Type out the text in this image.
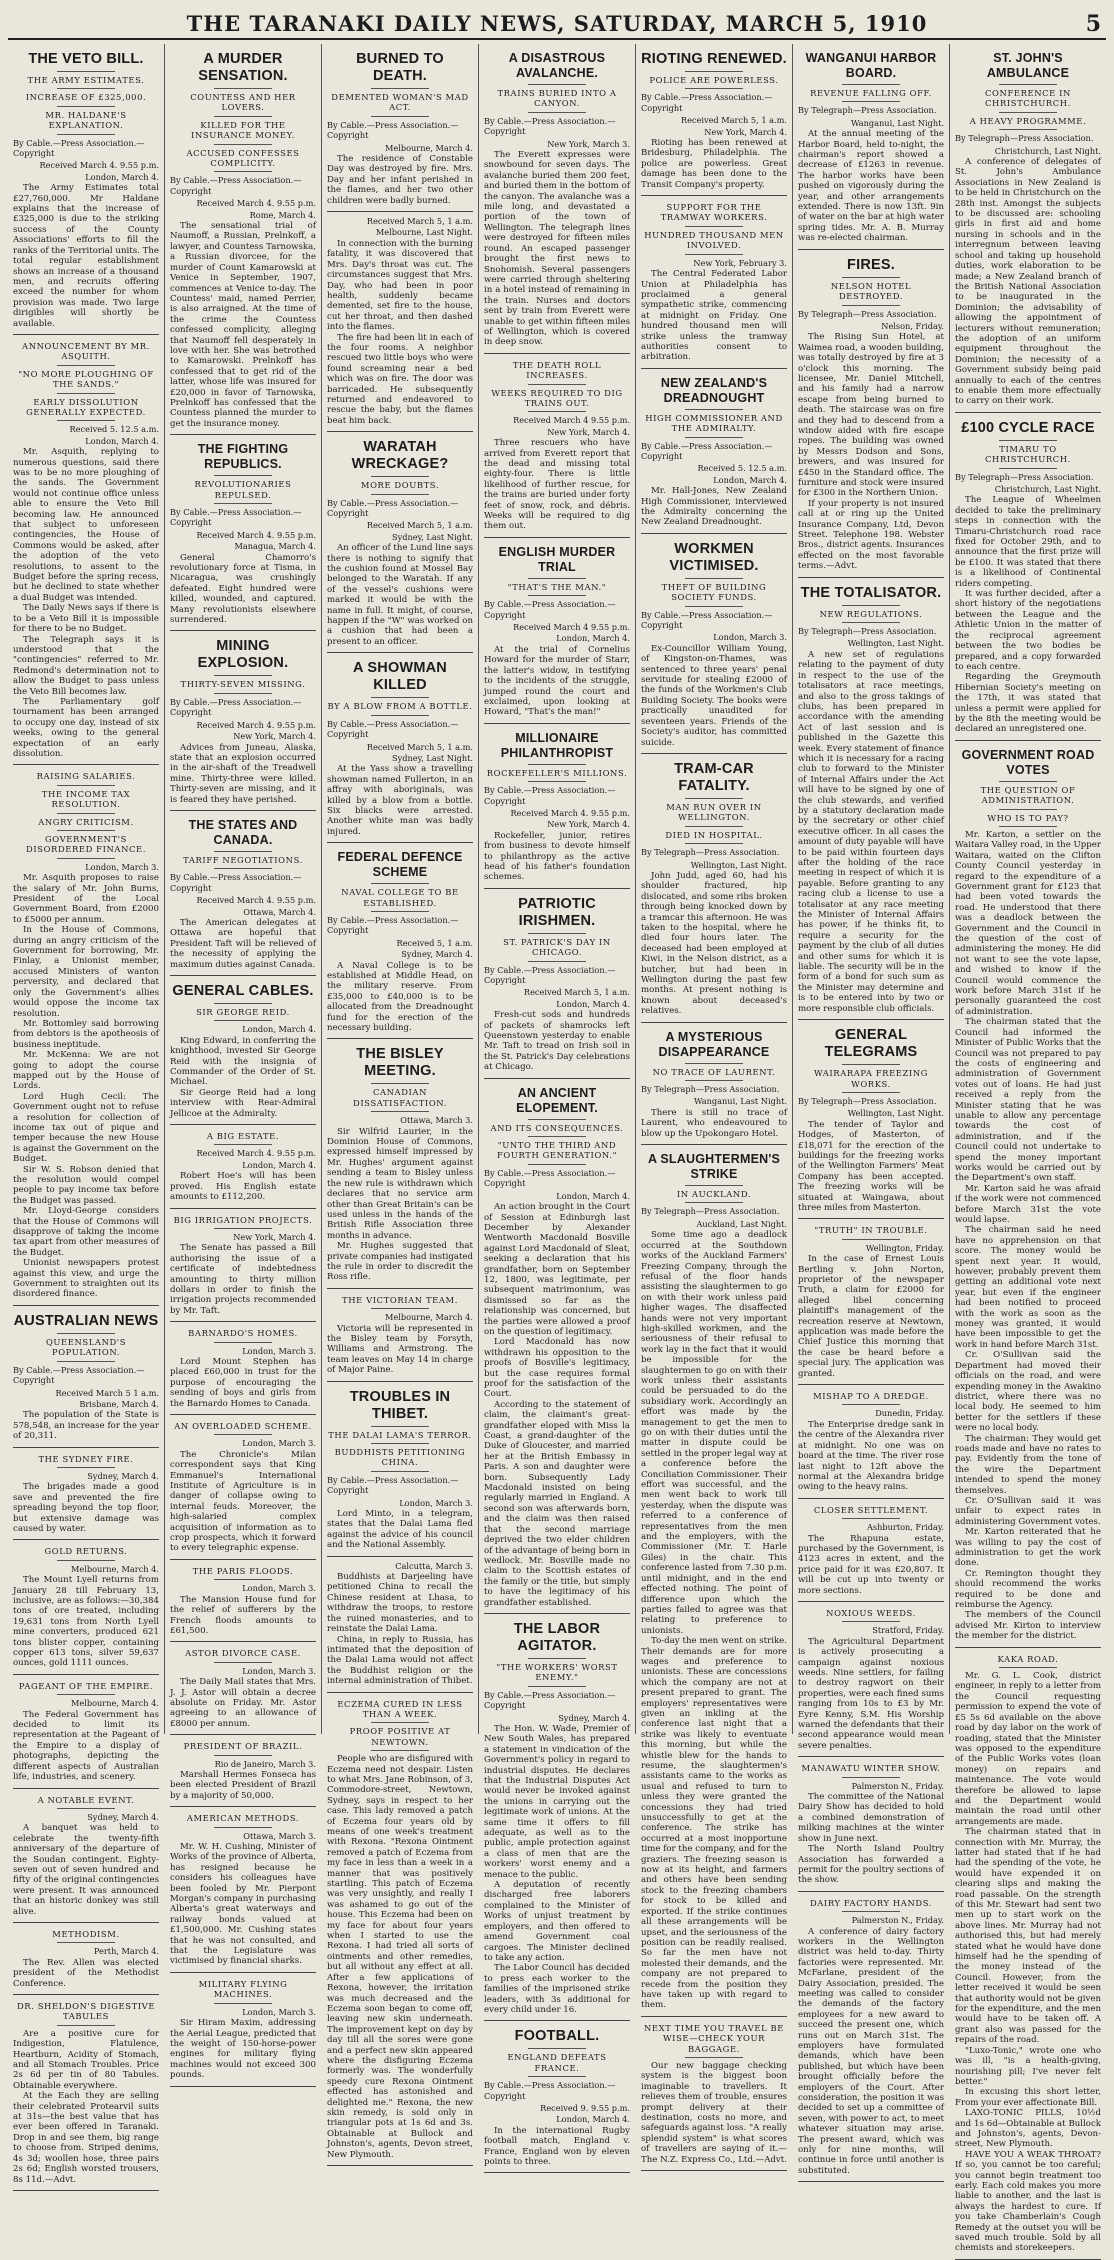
THE TARANAKI DAILY NEWS, SATURDAY, MARCH 5, 1910	5
THE VETO BILL.
THE ARMY ESTIMATES.
INCREASE OF £325,000.
MR. HALDANE'S EXPLANATION.
By Cable.—Press Association.—Copyright
Received March 4. 9.55 p.m.
London, March 4.

The Army Estimates total £27,760,000. Mr Haldane explains that the increase of £325,000 is due to the striking success of the County Associations' efforts to fill the ranks of the Territorial units. The total regular establishment shows an increase of a thousand men, and recruits offering exceed the number for whom provision was made. Two large dirigibles will shortly be available.

ANNOUNCEMENT BY MR. ASQUITH.
"NO MORE PLOUGHING OF THE SANDS."
EARLY DISSOLUTION GENERALLY EXPECTED.
Received 5. 12.5 a.m.
London, March 4.

Mr. Asquith, replying to numerous questions, said there was to be no more ploughing of the sands. The Government would not continue office unless able to ensure the Veto Bill becoming law. He announced that subject to unforeseen contingencies, the House of Commons would be asked, after the adoption of the veto resolutions, to assent to the Budget before the spring recess, but he declined to state whether a dual Budget was intended.

The Daily News says if there is to be a Veto Bill it is impossible for there to be no Budget.

The Telegraph says it is understood that the "contingencies" referred to Mr. Redmond's determination not to allow the Budget to pass unless the Veto Bill becomes law.

The Parliamentary golf tournament has been arranged to occupy one day, instead of six weeks, owing to the general expectation of an early dissolution.

RAISING SALARIES.
THE INCOME TAX RESOLUTION.
ANGRY CRITICISM.
GOVERNMENT'S DISORDERED FINANCE.
London, March 3.

Mr. Asquith proposes to raise the salary of Mr. John Burns, President of the Local Government Board, from £2000 to £5000 per annum.

In the House of Commons, during an angry criticism of the Government for borrowing, Mr. Finlay, a Unionist member, accused Ministers of wanton perversity, and declared that only the Government's allies would oppose the income tax resolution.

Mr. Bottomley said borrowing from debtors is the apotheosis of business ineptitude.

Mr. McKenna: We are not going to adopt the course mapped out by the House of Lords.

Lord Hugh Cecil: The Government ought not to refuse a resolution for collection of income tax out of pique and temper because the new House is against the Government on the Budget.

Sir W. S. Robson denied that the resolution would compel people to pay income tax before the Budget was passed.

Mr. Lloyd-George considers that the House of Commons will disapprove of taking the income tax apart from other measures of the Budget.

Unionist newspapers protest against this view, and urge the Government to straighten out its disordered finance.

AUSTRALIAN NEWS
QUEENSLAND'S POPULATION.
By Cable.—Press Association.—Copyright
Received March 5 1 a.m.
Brisbane, March 4.

The population of the State is 578,548, an increase for the year of 20,311.

THE SYDNEY FIRE.
Sydney, March 4.

The brigades made a good save and prevented the fire spreading beyond the top floor, but extensive damage was caused by water.

GOLD RETURNS.
Melbourne, March 4.

The Mount Lyell returns from January 28 till February 13, inclusive, are as follows:—30,384 tons of ore treated, including 19,631 tons from North Lyell mine converters, produced 621 tons blister copper, containing copper 613 tons, silver 59,637 ounces, gold 1111 ounces.

PAGEANT OF THE EMPIRE.
Melbourne, March 4.

The Federal Government has decided to limit its representation at the Pageant of the Empire to a display of photographs, depicting the different aspects of Australian life, industries, and scenery.

A NOTABLE EVENT.
Sydney, March 4.

A banquet was held to celebrate the twenty-fifth anniversary of the departure of the Soudan contingent. Eighty-seven out of seven hundred and fifty of the original contingencies were present. It was announced that an historic donkey was still alive.

METHODISM.
Perth, March 4.

The Rev. Allen was elected president of the Methodist Conference.

DR. SHELDON'S DIGESTIVE TABULES

Are a positive cure for Indigestion, Flatulence, Heartburn, Acidity of Stomach, and all Stomach Troubles. Price 2s 6d per tin of 80 Tabules. Obtainable everywhere.

At the Each they are selling their celebrated Protearvil suits at 31s—the best value that has ever been offered in Taranaki. Drop in and see them, big range to choose from. Striped denims, 4s 3d; woollen hose, three pairs 2s 6d; English worsted trousers, 8s 11d.—Advt.

A MURDER SENSATION.
COUNTESS AND HER LOVERS.
KILLED FOR THE INSURANCE MONEY.
ACCUSED CONFESSES COMPLICITY.
By Cable.—Press Association.—Copyright
Received March 4. 9.55 p.m.
Rome, March 4.

The sensational trial of Naumoff, a Russian, Prelnkoff, a lawyer, and Countess Tarnowska, a Russian divorcee, for the murder of Count Kamarowski at Venice in September, 1907, commences at Venice to-day. The Countess' maid, named Perrier, is also arraigned. At the time of the crime the Countess confessed complicity, alleging that Naumoff fell desperately in love with her. She was betrothed to Kamarowski. Prelnkoff has confessed that to get rid of the latter, whose life was insured for £20,000 in favor of Tarnowska, Prelnkoff has confessed that the Countess planned the murder to get the insurance money.

THE FIGHTING REPUBLICS.
REVOLUTIONARIES REPULSED.
By Cable.—Press Association.—Copyright
Received March 4. 9.55 p.m.
Managua, March 4.

General Chamorro's revolutionary force at Tisma, in Nicaragua, was crushingly defeated. Eight hundred were killed, wounded, and captured. Many revolutionists elsewhere surrendered.

MINING EXPLOSION.
THIRTY-SEVEN MISSING.
By Cable.—Press Association.—Copyright
Received March 4. 9.55 p.m.
New York, March 4.

Advices from Juneau, Alaska, state that an explosion occurred in the air-shaft of the Treadwell mine. Thirty-three were killed. Thirty-seven are missing, and it is feared they have perished.

THE STATES AND CANADA.
TARIFF NEGOTIATIONS.
By Cable.—Press Association.—Copyright
Received March 4. 9.55 p.m.
Ottawa, March 4.

The American delegates at Ottawa are hopeful that President Taft will be relieved of the necessity of applying the maximum duties against Canada.

GENERAL CABLES.
SIR GEORGE REID.
London, March 4.

King Edward, in conferring the knighthood, invested Sir George Reid with the insignia of Commander of the Order of St. Michael.

Sir George Reid had a long interview with Rear-Admiral Jellicoe at the Admiralty.

A BIG ESTATE.
Received March 4. 9.55 p.m.
London, March 4.

Robert Hoe's will has been proved. His English estate amounts to £112,200.

BIG IRRIGATION PROJECTS.
New York, March 4.

The Senate has passed a Bill authorising the issue of a certificate of indebtedness amounting to thirty million dollars in order to finish the irrigation projects recommended by Mr. Taft.

BARNARDO'S HOMES.
London, March 3.

Lord Mount Stephen has placed £60,000 in trust for the purpose of encouraging the sending of boys and girls from the Barnardo Homes to Canada.

AN OVERLOADED SCHEME.
London, March 3.

The Chronicle's Milan correspondent says that King Emmanuel's International Institute of Agriculture is in danger of collapse owing to internal feuds. Moreover, the high-salaried complex acquisition of information as to crop prospects, which it forward to every telegraphic expense.

THE PARIS FLOODS.
London, March 3.

The Mansion House fund for the relief of sufferers by the French floods amounts to £61,500.

ASTOR DIVORCE CASE.
London, March 3.

The Daily Mail states that Mrs. J. J. Astor will obtain a decree absolute on Friday. Mr. Astor agreeing to an allowance of £8000 per annum.

PRESIDENT OF BRAZIL.
Rio de Janeiro, March 3.

Marshall Hermes Fonseca has been elected President of Brazil by a majority of 50,000.

AMERICAN METHODS.
Ottawa, March 3.

Mr. W. H. Cushing, Minister of Works of the province of Alberta, has resigned because he considers his colleagues have been fooled by Mr. Pierpont Morgan's company in purchasing Alberta's great waterways and railway bonds valued at £1,500,000. Mr. Cushing states that he was not consulted, and that the Legislature was victimised by financial sharks.

MILITARY FLYING MACHINES.
London, March 3.

Sir Hiram Maxim, addressing the Aerial League, predicted that the weight of 150-horse-power engines for military flying machines would not exceed 300 pounds.

BURNED TO DEATH.
DEMENTED WOMAN'S MAD ACT.
By Cable.—Press Association.—Copyright
Melbourne, March 4.

The residence of Constable Day was destroyed by fire. Mrs. Day and her infant perished in the flames, and her two other children were badly burned.

Received March 5, 1 a.m.
Melbourne, Last Night.

In connection with the burning fatality, it was discovered that Mrs. Day's throat was cut. The circumstances suggest that Mrs. Day, who had been in poor health, suddenly became demented, set fire to the house, cut her throat, and then dashed into the flames.

The fire had been lit in each of the four rooms. A neighbor rescued two little boys who were found screaming near a bed which was on fire. The door was barricaded. He subsequently returned and endeavored to rescue the baby, but the flames beat him back.

WARATAH WRECKAGE?
MORE DOUBTS.
By Cable.—Press Association.—Copyright
Received March 5, 1 a.m.
Sydney, Last Night.

An officer of the Lund line says there is nothing to signify that the cushion found at Mossel Bay belonged to the Waratah. If any of the vessel's cushions were marked it would be with the name in full. It might, of course, happen if the "W" was worked on a cushion that had been a present to an officer.

A SHOWMAN KILLED
BY A BLOW FROM A BOTTLE.
By Cable.—Press Association.—Copyright
Received March 5, 1 a.m.
Sydney, Last Night.

At the Yass show a travelling showman named Fullerton, in an affray with aboriginals, was killed by a blow from a bottle. Six blacks were arrested. Another white man was badly injured.

FEDERAL DEFENCE SCHEME
NAVAL COLLEGE TO BE ESTABLISHED.
By Cable.—Press Association.—Copyright
Received 5, 1 a.m.
Sydney, March 4.

A Naval College is to be established at Middle Head, on the military reserve. From £35,000 to £40,000 is to be allocated from the Dreadnought fund for the erection of the necessary building.

THE BISLEY MEETING.
CANADIAN DISSATISFACTION.
Ottawa, March 3.

Sir Wilfrid Laurier, in the Dominion House of Commons, expressed himself impressed by Mr. Hughes' argument against sending a team to Bisley unless the new rule is withdrawn which declares that no service arm other than Great Britain's can be used unless in the hands of the British Rifle Association three months in advance.

Mr. Hughes suggested that private companies had instigated the rule in order to discredit the Ross rifle.

THE VICTORIAN TEAM.
Melbourne, March 4.

Victoria will be represented in the Bisley team by Forsyth, Williams and Armstrong. The team leaves on May 14 in charge of Major Paine.

TROUBLES IN THIBET.
THE DALAI LAMA'S TERROR.
BUDDHISTS PETITIONING CHINA.
By Cable.—Press Association.—Copyright
London, March 3.

Lord Minto, in a telegram, states that the Dalai Lama fled against the advice of his council and the National Assembly.

Calcutta, March 3.

Buddhists at Darjeeling have petitioned China to recall the Chinese resident at Lhasa, to withdraw the troops, to restore the ruined monasteries, and to reinstate the Dalai Lama.

China, in reply to Russia, has intimated that the deposition of the Dalai Lama would not affect the Buddhist religion or the internal administration of Thibet.

ECZEMA CURED IN LESS THAN A WEEK.
PROOF POSITIVE AT NEWTOWN.

People who are disfigured with Eczema need not despair. Listen to what Mrs. Jane Robinson, of 3, Commodore-street, Newtown, Sydney, says in respect to her case. This lady removed a patch of Eczema four years old by means of one week's treatment with Rexona. "Rexona Ointment removed a patch of Eczema from my face in less than a week in a manner that was positively startling. This patch of Eczema was very unsightly, and really I was ashamed to go out of the house. This Eczema had been on my face for about four years when I started to use the Rexona. I had tried all sorts of ointments and other remedies, but all without any effect at all. After a few applications of Rexona, however, the irritation was much decreased and the Eczema soon began to come off, leaving new skin underneath. The improvement kept on day by day till all the sores were gone and a perfect new skin appeared where the disfiguring Eczema formerly was. The wonderfully speedy cure Rexona Ointment effected has astonished and delighted me." Rexona, the new skin remedy, is sold only in triangular pots at 1s 6d and 3s. Obtainable at Bullock and Johnston's, agents, Devon street, New Plymouth.

A DISASTROUS AVALANCHE.
TRAINS BURIED INTO A CANYON.
By Cable.—Press Association.—Copyright
New York, March 3.

The Everett expresses were snowbound for seven days. The avalanche buried them 200 feet, and buried them in the bottom of the canyon. The avalanche was a mile long, and devastated a portion of the town of Wellington. The telegraph lines were destroyed for fifteen miles round. An escaped passenger brought the first news to Snohomish. Several passengers were carried through sheltering in a hotel instead of remaining in the train. Nurses and doctors sent by train from Everett were unable to get within fifteen miles of Wellington, which is covered in deep snow.

THE DEATH ROLL INCREASES.
WEEKS REQUIRED TO DIG TRAINS OUT.
Received March 4 9.55 p.m.
New York, March 4.

Three rescuers who have arrived from Everett report that the dead and missing total eighty-four. There is little likelihood of further rescue, for the trains are buried under forty feet of snow, rock, and débris. Weeks will be required to dig them out.

ENGLISH MURDER TRIAL
"THAT'S THE MAN."
By Cable.—Press Association.—Copyright
Received March 4 9.55 p.m.
London, March 4.

At the trial of Cornelius Howard for the murder of Starr, the latter's widow, in testifying to the incidents of the struggle, jumped round the court and exclaimed, upon looking at Howard, "That's the man!"

MILLIONAIRE PHILANTHROPIST
ROCKEFELLER'S MILLIONS.
By Cable.—Press Association.—Copyright
Received March 4. 9.55 p.m.
New York, March 4.

Rockefeller, junior, retires from business to devote himself to philanthropy as the active head of his father's foundation schemes.

PATRIOTIC IRISHMEN.
ST. PATRICK'S DAY IN CHICAGO.
By Cable.—Press Association.—Copyright
Received March 5, 1 a.m.
London, March 4.

Fresh-cut sods and hundreds of packets of shamrocks left Queenstown yesterday to enable Mr. Taft to tread on Irish soil in the St. Patrick's Day celebrations at Chicago.

AN ANCIENT ELOPEMENT.
AND ITS CONSEQUENCES.
"UNTO THE THIRD AND FOURTH GENERATION."
By Cable.—Press Association.—Copyright
London, March 4.

An action brought in the Court of Session at Edinburgh last December by Alexander Wentworth Macdonald Bosville against Lord Macdonald of Sleat, seeking a declaration that his grandfather, born on September 12, 1800, was legitimate, per subsequent matrimonium, was dismissed so far as the relationship was concerned, but the parties were allowed a proof on the question of legitimacy.

Lord Macdonald has now withdrawn his opposition to the proofs of Bosville's legitimacy, but the case requires formal proof for the satisfaction of the Court.

According to the statement of claim, the claimant's great-grandfather eloped with Miss la Coast, a grand-daughter of the Duke of Gloucester, and married her at the British Embassy in Paris. A son and daughter were born. Subsequently Lady Macdonald insisted on being regularly married in England. A second son was afterwards born, and the claim was then raised that the second marriage deprived the two elder children of the advantage of being born in wedlock. Mr. Bosville made no claim to the Scottish estates of the family or the title, but simply to have the legitimacy of his grandfather established.

THE LABOR AGITATOR.
"THE WORKERS' WORST ENEMY."
By Cable.—Press Association.—Copyright
Sydney, March 4.

The Hon. W. Wade, Premier of New South Wales, has prepared a statement in vindication of the Government's policy in regard to industrial disputes. He declares that the Industrial Disputes Act would never be invoked against the unions in carrying out the legitimate work of unions. At the same time it offers to fill adequate, as well as to the public, ample protection against a class of men that are the workers' worst enemy and a menace to the public.

A deputation of recently discharged free laborers complained to the Minister of Works of unjust treatment by employers, and then offered to amend Government coal cargoes. The Minister declined to take any action.

The Labor Council has decided to press each worker to the families of the imprisoned strike leaders, with 3s additional for every child under 16.

FOOTBALL.
ENGLAND DEFEATS FRANCE.
By Cable.—Press Association.—Copyright
Received 9. 9.55 p.m.
London, March 4.

In the international Rugby football match, England v. France, England won by eleven points to three.

RIOTING RENEWED.
POLICE ARE POWERLESS.
By Cable.—Press Association.—Copyright
Received March 5, 1 a.m.
New York, March 4.

Rioting has been renewed at Bridesburg, Philadelphia. The police are powerless. Great damage has been done to the Transit Company's property.

SUPPORT FOR THE TRAMWAY WORKERS.
HUNDRED THOUSAND MEN INVOLVED.
New York, February 3.

The Central Federated Labor Union at Philadelphia has proclaimed a general sympathetic strike, commencing at midnight on Friday. One hundred thousand men will strike unless the tramway authorities consent to arbitration.

NEW ZEALAND'S DREADNOUGHT
HIGH COMMISSIONER AND THE ADMIRALTY.
By Cable.—Press Association.—Copyright
Received 5. 12.5 a.m.
London, March 4.

Mr. Hall-Jones, New Zealand High Commissioner, interviewed the Admiralty concerning the New Zealand Dreadnought.

WORKMEN VICTIMISED.
THEFT OF BUILDING SOCIETY FUNDS.
By Cable.—Press Association.—Copyright
London, March 3.

Ex-Councillor William Young, of Kingston-on-Thames, was sentenced to three years' penal servitude for stealing £2000 of the funds of the Workmen's Club Building Society. The books were practically unaudited for seventeen years. Friends of the Society's auditor, has committed suicide.

TRAM-CAR FATALITY.
MAN RUN OVER IN WELLINGTON.
DIED IN HOSPITAL.
By Telegraph—Press Association.
Wellington, Last Night.

John Judd, aged 60, had his shoulder fractured, hip dislocated, and some ribs broken through being knocked down by a tramcar this afternoon. He was taken to the hospital, where he died four hours later. The deceased had been employed at Kiwi, in the Nelson district, as a butcher, but had been in Wellington during the past few months. At present nothing is known about deceased's relatives.

A MYSTERIOUS DISAPPEARANCE
NO TRACE OF LAURENT.
By Telegraph—Press Association.
Wanganui, Last Night.

There is still no trace of Laurent, who endeavoured to blow up the Upokongaro Hotel.

A SLAUGHTERMEN'S STRIKE
IN AUCKLAND.
By Telegraph—Press Association.
Auckland, Last Night.

Some time ago a deadlock occurred at the Southdown works of the Auckland Farmers' Freezing Company, through the refusal of the floor hands assisting the slaughtermen to go on with their work unless paid higher wages. The disaffected hands were not very important high-skilled workmen, and the seriousness of their refusal to work lay in the fact that it would be impossible for the slaughtermen to go on with their work unless their assistants could be persuaded to do the subsidiary work. Accordingly an effort was made by the management to get the men to go on with their duties until the matter in dispute could be settled in the proper legal way at a conference before the Conciliation Commissioner. Their effort was successful, and the men went back to work till yesterday, when the dispute was referred to a conference of representatives from the men and the employers, with the Commissioner (Mr. T. Harle Giles) in the chair. This conference lasted from 7.30 p.m. until midnight, and in the end effected nothing. The point of difference upon which the parties failed to agree was that relating to preference to unionists.

To-day the men went on strike. Their demands are for more wages and preference to unionists. These are concessions which the company are not at present prepared to grant. The employers' representatives were given an inkling at the conference last night that a strike was likely to eventuate this morning, but while the whistle blew for the hands to resume, the slaughtermen's assistants came to the works as usual and refused to turn to unless they were granted the concessions they had tried unsuccessfully to get at the conference. The strike has occurred at a most inopportune time for the company, and for the graziers. The freezing season is now at its height, and farmers and others have been sending stock to the freezing chambers for stock to be killed and exported. If the strike continues all these arrangements will be upset, and the seriousness of the position can be readily realised. So far the men have not molested their demands, and the company are not prepared to recede from the position they have taken up with regard to them.

NEXT TIME YOU TRAVEL BE WISE—CHECK YOUR BAGGAGE.

Our new baggage checking system is the biggest boon imaginable to travellers. It relieves them of trouble, ensures prompt delivery at their destination, costs no more, and safeguards against loss. "A really splendid system" is what scores of travellers are saying of it.—The N.Z. Express Co., Ltd.—Advt.

WANGANUI HARBOR BOARD.
REVENUE FALLING OFF.
By Telegraph—Press Association.
Wanganui, Last Night.

At the annual meeting of the Harbor Board, held to-night, the chairman's report showed a decrease of £1263 in revenue. The harbor works have been pushed on vigorously during the year, and other arrangements extended. There is now 13ft. 9in of water on the bar at high water spring tides. Mr. A. B. Murray was re-elected chairman.

FIRES.
NELSON HOTEL DESTROYED.
By Telegraph—Press Association.
Nelson, Friday.

The Rising Sun Hotel, at Waimea road, a wooden building, was totally destroyed by fire at 3 o'clock this morning. The licensee, Mr. Daniel Mitchell, and his family had a narrow escape from being burned to death. The staircase was on fire and they had to descend from a window aided with fire escape ropes. The building was owned by Messrs Dodson and Sons, brewers, and was insured for £450 in the Standard office. The furniture and stock were insured for £300 in the Northern Union.

If your property is not insured call at or ring up the United Insurance Company, Ltd, Devon Street. Telephone 198. Webster Bros., district agents. Insurances effected on the most favorable terms.—Advt.

THE TOTALISATOR.
NEW REGULATIONS.
By Telegraph—Press Association.
Wellington, Last Night.

A new set of regulations relating to the payment of duty in respect to the use of the totalisators at race meetings, and also to the gross takings of clubs, has been prepared in accordance with the amending Act of last session and is published in the Gazette this week. Every statement of finance which it is necessary for a racing club to forward to the Minister of Internal Affairs under the Act will have to be signed by one of the club stewards, and verified by a statutory declaration made by the secretary or other chief executive officer. In all cases the amount of duty payable will have to be paid within fourteen days after the holding of the race meeting in respect of which it is payable. Before granting to any racing club a license to use a totalisator at any race meeting the Minister of Internal Affairs has power, if he thinks fit, to require a security for the payment by the club of all duties and other sums for which it is liable. The security will be in the form of a bond for such sum as the Minister may determine and is to be entered into by two or more responsible club officials.

GENERAL TELEGRAMS
WAIRARAPA FREEZING WORKS.
By Telegraph—Press Association.
Wellington, Last Night.

The tender of Taylor and Hodges, of Masterton, of £18,071 for the erection of the buildings for the freezing works of the Wellington Farmers' Meat Company has been accepted. The freezing works will be situated at Waingawa, about three miles from Masterton.

"TRUTH" IN TROUBLE.
Wellington, Friday.

In the case of Ernest Louis Bertling v. John Norton, proprietor of the newspaper Truth, a claim for £2000 for alleged libel concerning plaintiff's management of the recreation reserve at Newtown, application was made before the Chief Justice this morning that the case be heard before a special jury. The application was granted.

MISHAP TO A DREDGE.
Dunedin, Friday.

The Enterprise dredge sank in the centre of the Alexandra river at midnight. No one was on board at the time. The river rose last night to 12ft above the normal at the Alexandra bridge owing to the heavy rains.

CLOSER SETTLEMENT.
Ashburton, Friday.

The Rhapuna estate, purchased by the Government, is 4123 acres in extent, and the price paid for it was £20,807. It will be cut up into twenty or more sections.

NOXIOUS WEEDS.
Stratford, Friday.

The Agricultural Department is actively prosecuting a campaign against noxious weeds. Nine settlers, for failing to destroy ragwort on their properties, were each fined sums ranging from 10s to £3 by Mr. Eyre Kenny, S.M. His Worship warned the defendants that their second appearance would mean severe penalties.

MANAWATU WINTER SHOW.
Palmerston N., Friday.

The committee of the National Dairy Show has decided to hold a combined demonstration of milking machines at the winter show in June next.

The North Island Poultry Association has forwarded a permit for the poultry sections of the show.

DAIRY FACTORY HANDS.
Palmerston N., Friday.

A conference of dairy factory workers in the Wellington district was held to-day. Thirty factories were represented. Mr. McFarlane, president of the Dairy Association, presided. The meeting was called to consider the demands of the factory employees for a new award to succeed the present one, which runs out on March 31st. The employers have formulated demands, which have been published, but which have been brought officially before the employers of the Court. After consideration, the position it was decided to set up a committee of seven, with power to act, to meet whatever situation may arise. The present award, which was only for nine months, will continue in force until another is substituted.

ST. JOHN'S AMBULANCE
CONFERENCE IN CHRISTCHURCH.
A HEAVY PROGRAMME.
By Telegraph—Press Association.
Christchurch, Last Night.

A conference of delegates of St. John's Ambulance Associations in New Zealand is to be held in Christchurch on the 28th inst. Amongst the subjects to be discussed are: schooling girls in first aid and home nursing in schools and in the interregnum between leaving school and taking up household duties, work elaboration to be made; a New Zealand branch of the British National Association to be inaugurated in the Dominion; the advisability of allowing the appointment of lecturers without remuneration; the adoption of an uniform equipment throughout the Dominion; the necessity of a Government subsidy being paid annually to each of the centres to enable them more effectually to carry on their work.

£100 CYCLE RACE
TIMARU TO CHRISTCHURCH.
By Telegraph—Press Association.
Christchurch, Last Night.

The League of Wheelmen decided to take the preliminary steps in connection with the Timaru-Christchurch road race fixed for October 29th, and to announce that the first prize will be £100. It was stated that there is a likelihood of Continental riders competing.

It was further decided, after a short history of the negotiations between the League and the Athletic Union in the matter of the reciprocal agreement between the two bodies be prepared, and a copy forwarded to each centre.

Regarding the Greymouth Hibernian Society's meeting on the 17th, it was stated that unless a permit were applied for by the 8th the meeting would be declared an unregistered one.

GOVERNMENT ROAD VOTES
THE QUESTION OF ADMINISTRATION.
WHO IS TO PAY?

Mr. Karton, a settler on the Waitara Valley road, in the Upper Waitara, waited on the Clifton County Council yesterday in regard to the expenditure of a Government grant for £123 that had been voted towards the road. He understood that there was a deadlock between the Government and the Council in the question of the cost of administering the money. He did not want to see the vote lapse, and wished to know if the Council would commence the work before March 31st if he personally guaranteed the cost of administration.

The chairman stated that the Council had informed the Minister of Public Works that the Council was not prepared to pay the costs of engineering and administration of Government votes out of loans. He had just received a reply from the Minister stating that he was unable to allow any percentage towards the cost of administration, and if the Council could not undertake to spend the money important works would be carried out by the Department's own staff.

Mr. Karton said he was afraid if the work were not commenced before March 31st the vote would lapse.

The chairman said he need have no apprehension on that score. The money would be spent next year. It would, however, probably prevent them getting an additional vote next year, but even if the engineer had been notified to proceed with the work as soon as the money was granted, it would have been impossible to get the work in hand before March 31st.

Cr. O'Sullivan said the Department had moved their officials on the road, and were expending money in the Awakino district, where there was no local body. He seemed to him better for the settlers if these were no local body.

The chairman: They would get roads made and have no rates to pay. Evidently from the tone of the wire the Department intended to spend the money themselves.

Cr. O'Sullivan said it was unfair to expect rates in administering Government votes.

Mr. Karton reiterated that he was willing to pay the cost of administration to get the work done.

Cr. Remington thought they should recommend the works required to be done and reimburse the Agency.

The members of the Council advised Mr. Kirton to interview the member for the district.

KAKA ROAD.

Mr. G. L. Cook, district engineer, in reply to a letter from the Council requesting permission to expend the vote of £5 5s 6d available on the above road by day labor on the work of roading, stated that the Minister was opposed to the expenditure of the Public Works votes (loan money) on repairs and maintenance. The vote would therefore be allowed to lapse and the Department would maintain the road until other arrangements are made.

The chairman stated that in connection with Mr. Murray, the latter had stated that if he had had the spending of the vote, he would have expended it on clearing slips and making the road passable. On the strength of this Mr. Stewart had sent two men up to start work on the above lines. Mr. Murray had not authorised this, but had merely stated what he would have done himself had he the spending of the money instead of the Council. However, from the letter received it would be seen that authority would not be given for the expenditure, and the men would have to be taken off. A grant also was passed for the repairs of the road.

"Luxo-Tonic," wrote one who was ill, "is a health-giving, nourishing pill; I've never felt better."

In excusing this short letter, From your ever affectionate Bill.

LAXO-TONIC PILLS, 10½d and 1s 6d—Obtainable at Bullock and Johnston's, agents, Devon-street, New Plymouth.

HAVE YOU A WEAK THROAT? If so, you cannot be too careful; you cannot begin treatment too early. Each cold makes you more liable to another, and the last is always the hardest to cure. If you take Chamberlain's Cough Remedy at the outset you will be saved much trouble. Sold by all chemists and storekeepers.
